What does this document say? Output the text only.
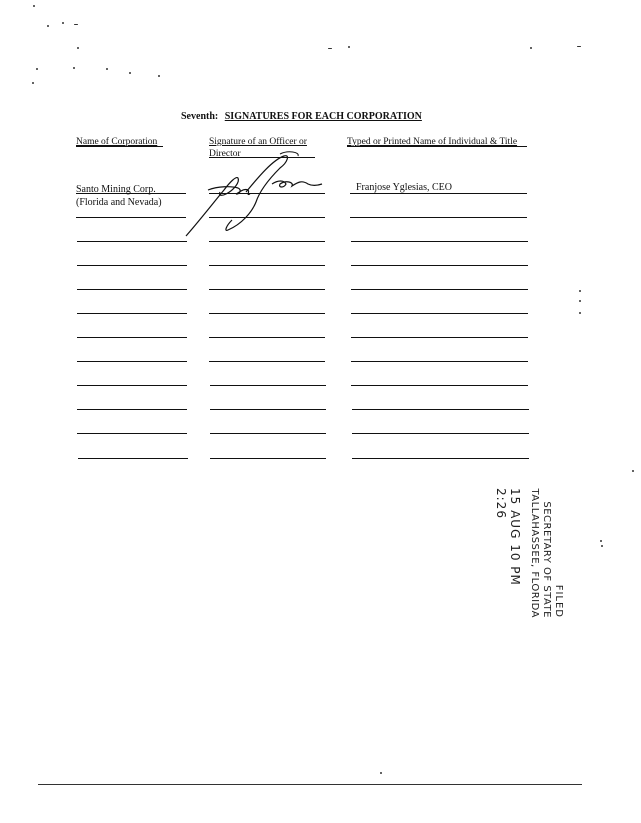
Seventh: SIGNATURES FOR EACH CORPORATION
Name of Corporation	Signature of an Officer or Director
Typed or Printed Name of Individual & Title
Santo Mining Corp.
(Florida and Nevada)
Franjose Yglesias, CEO
FILED
SECRETARY OF STATE
TALLAHASSEE, FLORIDA
15 AUG 10 PM 2:26
